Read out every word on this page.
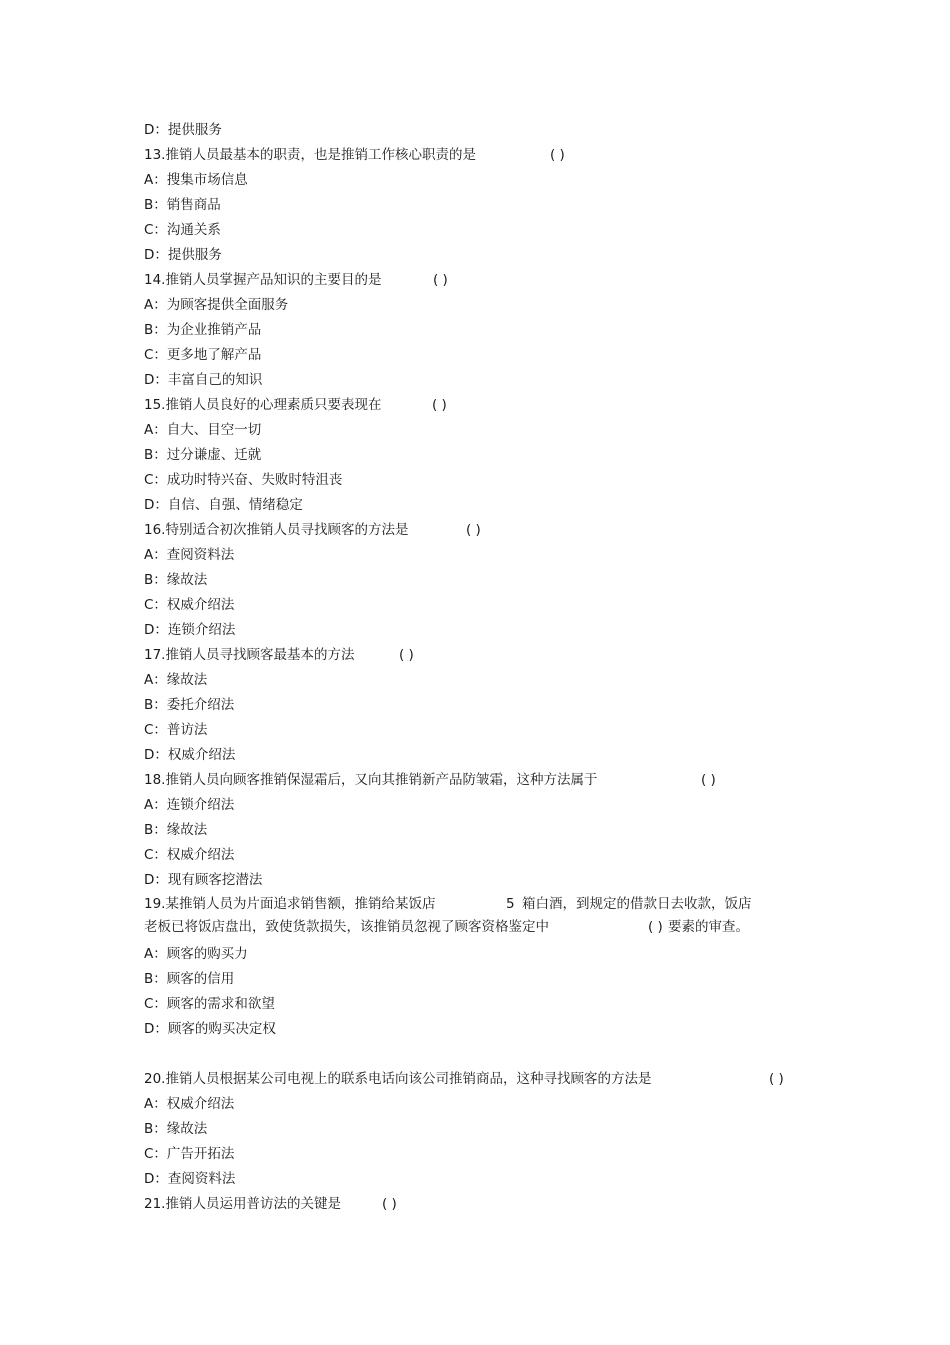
D：提供服务
13.推销人员最基本的职责，也是推销工作核心职责的是	( )
A：搜集市场信息
B：销售商品
C：沟通关系
D：提供服务
14.推销人员掌握产品知识的主要目的是	( )
A：为顾客提供全面服务
B：为企业推销产品
C：更多地了解产品
D：丰富自己的知识
15.推销人员良好的心理素质只要表现在	( )
A：自大、目空一切
B：过分谦虚、迁就
C：成功时特兴奋、失败时特沮丧
D：自信、自强、情绪稳定
16.特别适合初次推销人员寻找顾客的方法是	( )
A：查阅资料法
B：缘故法
C：权威介绍法
D：连锁介绍法
17.推销人员寻找顾客最基本的方法	( )
A：缘故法
B：委托介绍法
C：普访法
D：权威介绍法
18.推销人员向顾客推销保湿霜后，又向其推销新产品防皱霜，这种方法属于	( )
A：连锁介绍法
B：缘故法
C：权威介绍法
D：现有顾客挖潜法
19.某推销人员为片面追求销售额，推销给某饭店	5 箱白酒，到规定的借款日去收款，饭店
老板已将饭店盘出，致使货款损失，该推销员忽视了顾客资格鉴定中	( ) 要素的审查。
A：顾客的购买力
B：顾客的信用
C：顾客的需求和欲望
D：顾客的购买决定权
20.推销人员根据某公司电视上的联系电话向该公司推销商品，这种寻找顾客的方法是	( )
A：权威介绍法
B：缘故法
C：广告开拓法
D：查阅资料法
21.推销人员运用普访法的关键是	( )
